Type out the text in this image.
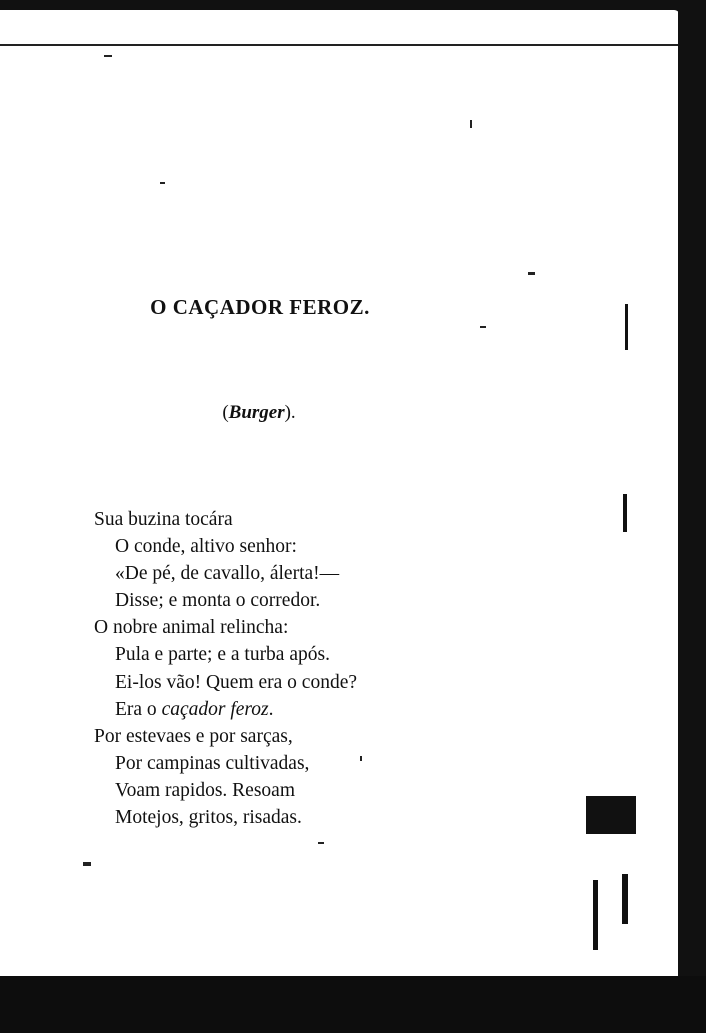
O CAÇADOR FEROZ.
(Burger).
Sua buzina tocára
O conde, altivo senhor:
«De pé, de cavallo, álerta!—
Disse; e monta o corredor.
O nobre animal relincha:
Pula e parte; e a turba após.
Ei-los vão! Quem era o conde?
Era o caçador feroz.
Por estevaes e por sarças,
Por campinas cultivadas,
Voam rapidos. Resoam
Motejos, gritos, risadas.
